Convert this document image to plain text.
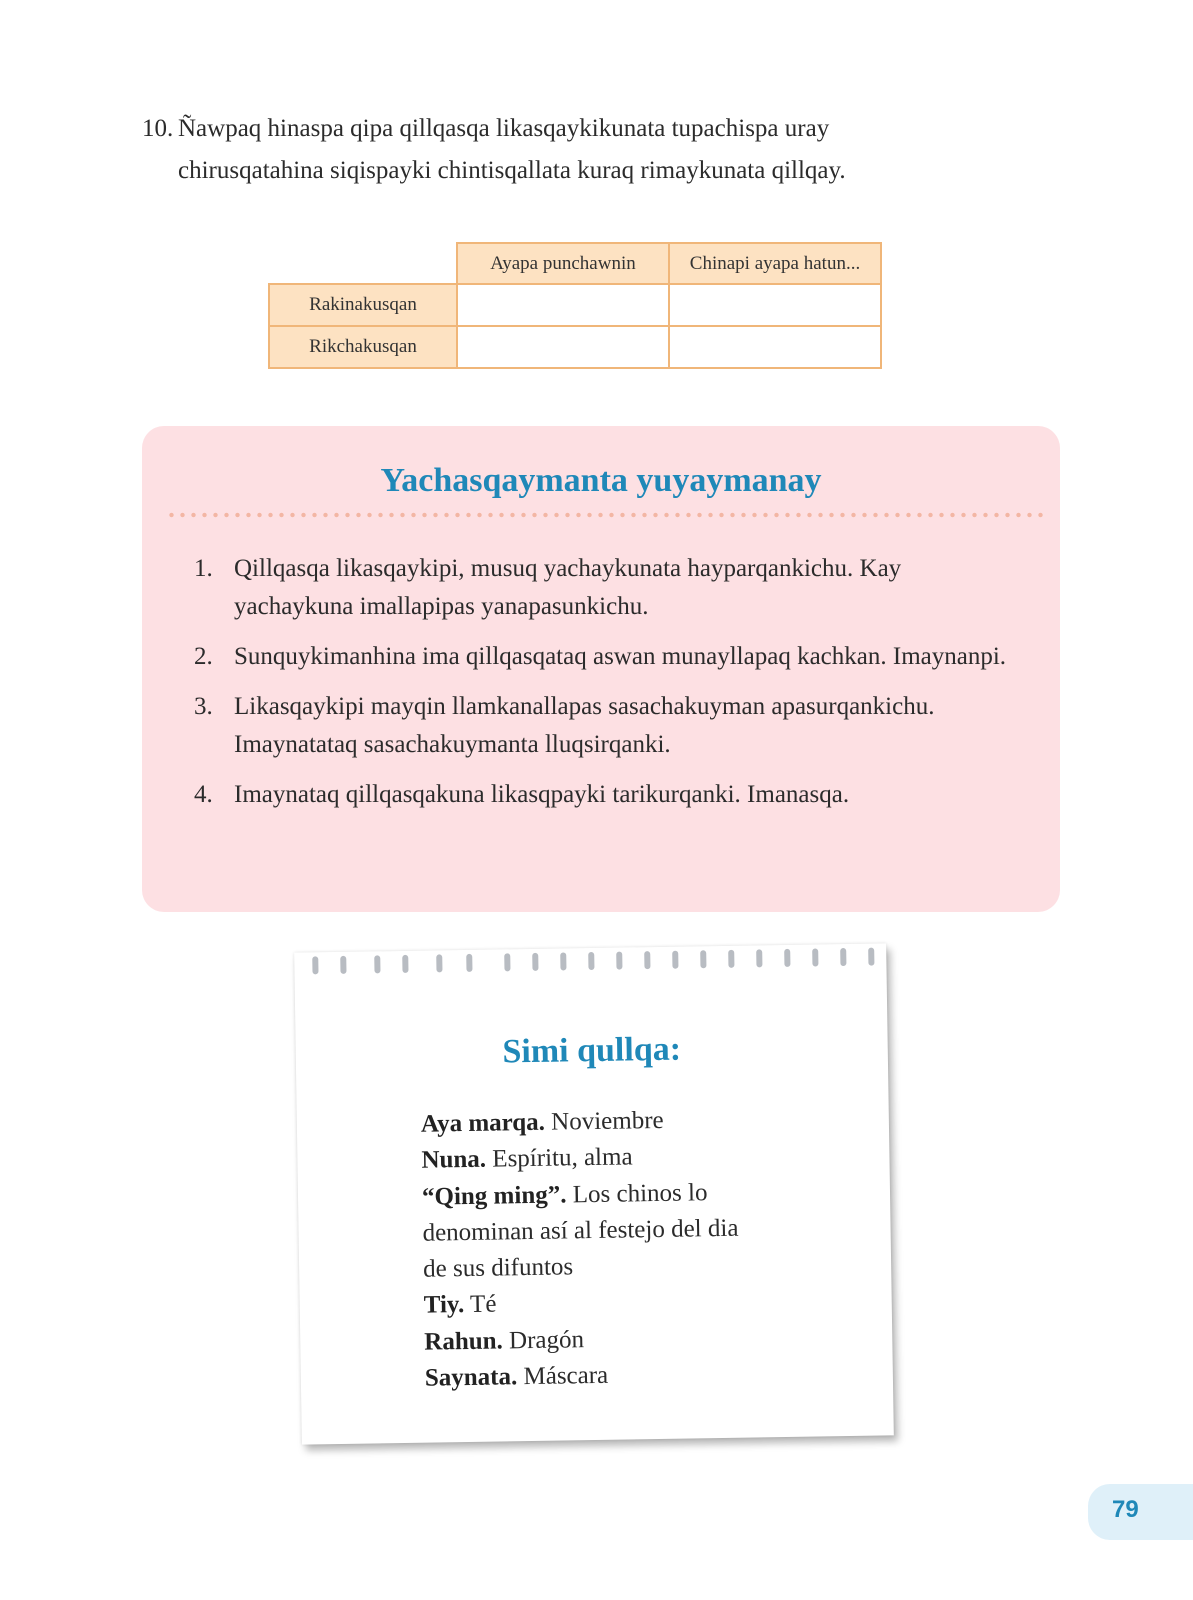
10. Ñawpaq hinaspa qipa qillqasqa likasqaykikunata tupachispa uray
chirusqatahina siqispayki chintisqallata kuraq rimaykunata qillqay.
	Ayapa punchawnin	Chinapi ayapa hatun...
Rakinakusqan		
Rikchakusqan		
Yachasqaymanta yuyaymanay
1. Qillqasqa likasqaykipi, musuq yachaykunata hayparqankichu. Kay yachaykuna imallapipas yanapasunkichu.
2. Sunquykimanhina ima qillqasqataq aswan munayllapaq kachkan. Imaynanpi.
3. Likasqaykipi mayqin llamkanallapas sasachakuyman apasurqankichu. Imaynatataq sasachakuymanta lluqsirqanki.
4. Imaynataq qillqasqakuna likasqpayki tarikurqanki. Imanasqa.
Simi qullqa:

Aya marqa. Noviembre

Nuna. Espíritu, alma

“Qing ming”. Los chinos lo

denominan así al festejo del dia

de sus difuntos

Tiy. Té

Rahun. Dragón

Saynata. Máscara

79
